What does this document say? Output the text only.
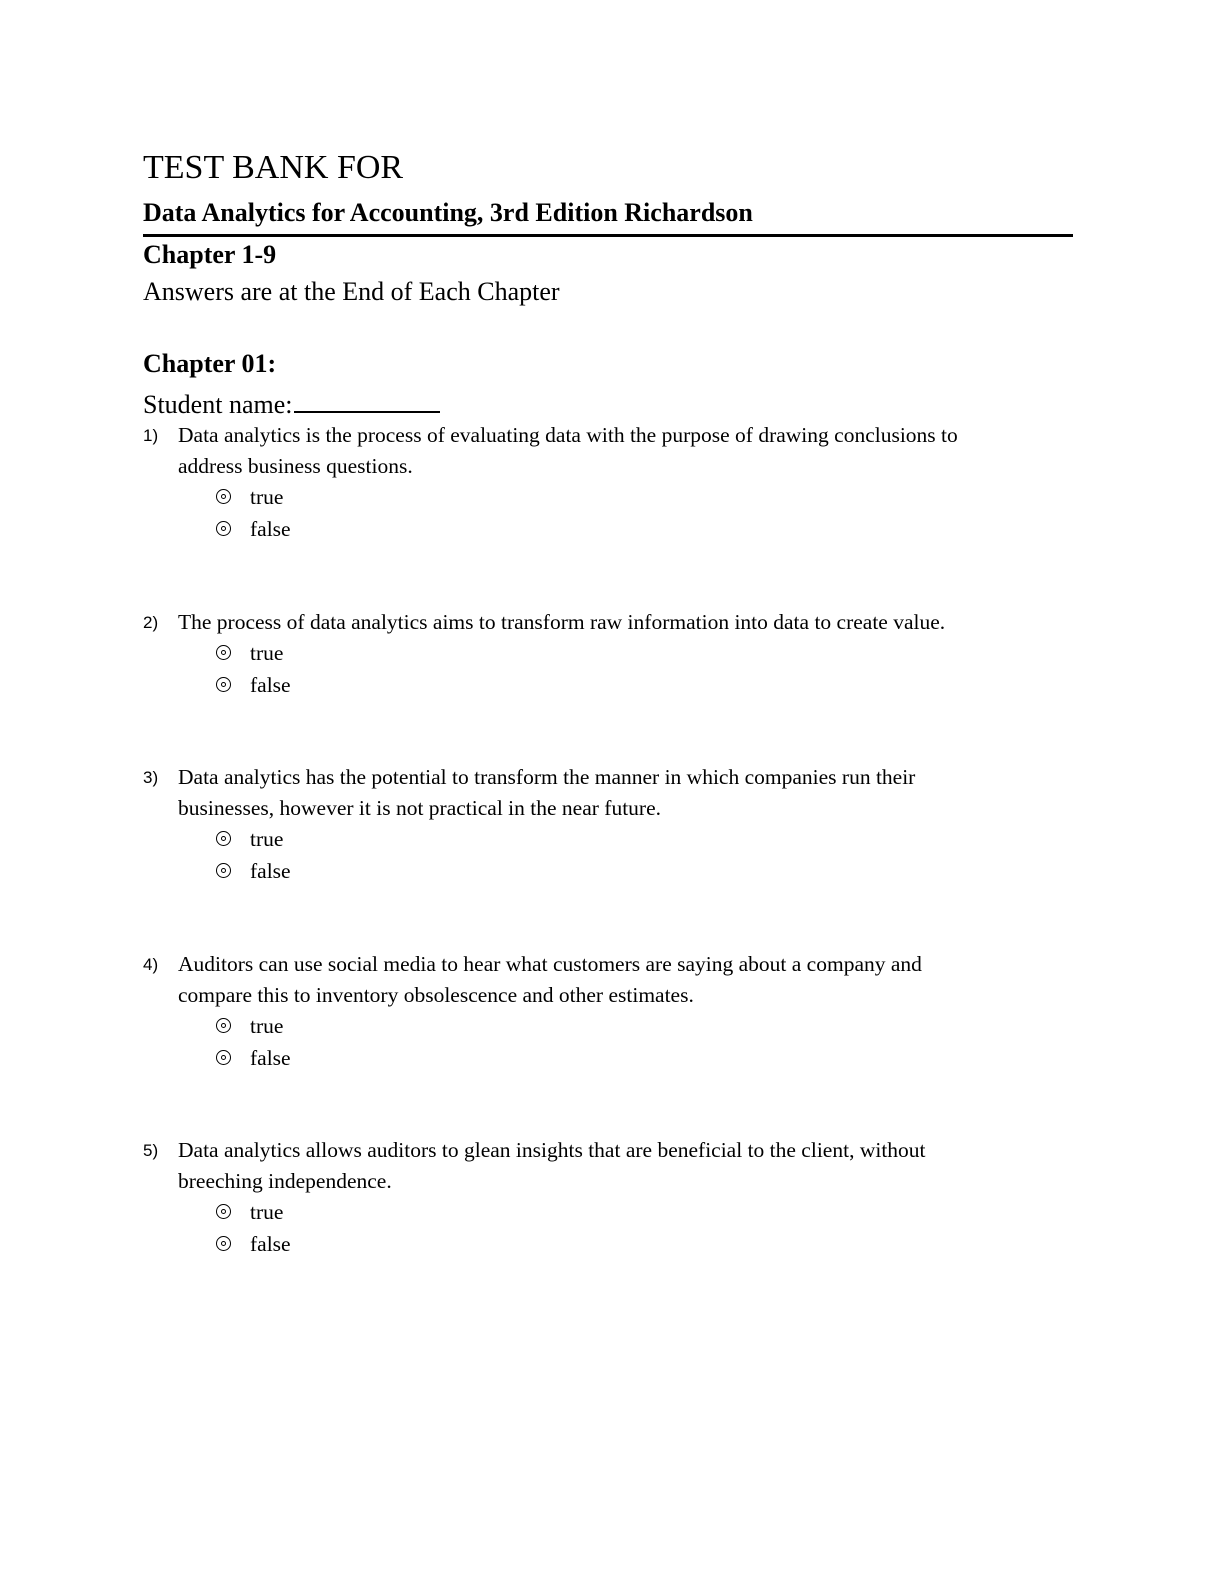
TEST BANK FOR
Data Analytics for Accounting, 3rd Edition Richardson
Chapter 1-9
Answers are at the End of Each Chapter
Chapter 01:
Student name:
1) Data analytics is the process of evaluating data with the purpose of drawing conclusions to
address business questions.
true
false
2) The process of data analytics aims to transform raw information into data to create value.
true
false
3) Data analytics has the potential to transform the manner in which companies run their
businesses, however it is not practical in the near future.
true
false
4) Auditors can use social media to hear what customers are saying about a company and
compare this to inventory obsolescence and other estimates.
true
false
5) Data analytics allows auditors to glean insights that are beneficial to the client, without
breeching independence.
true
false
